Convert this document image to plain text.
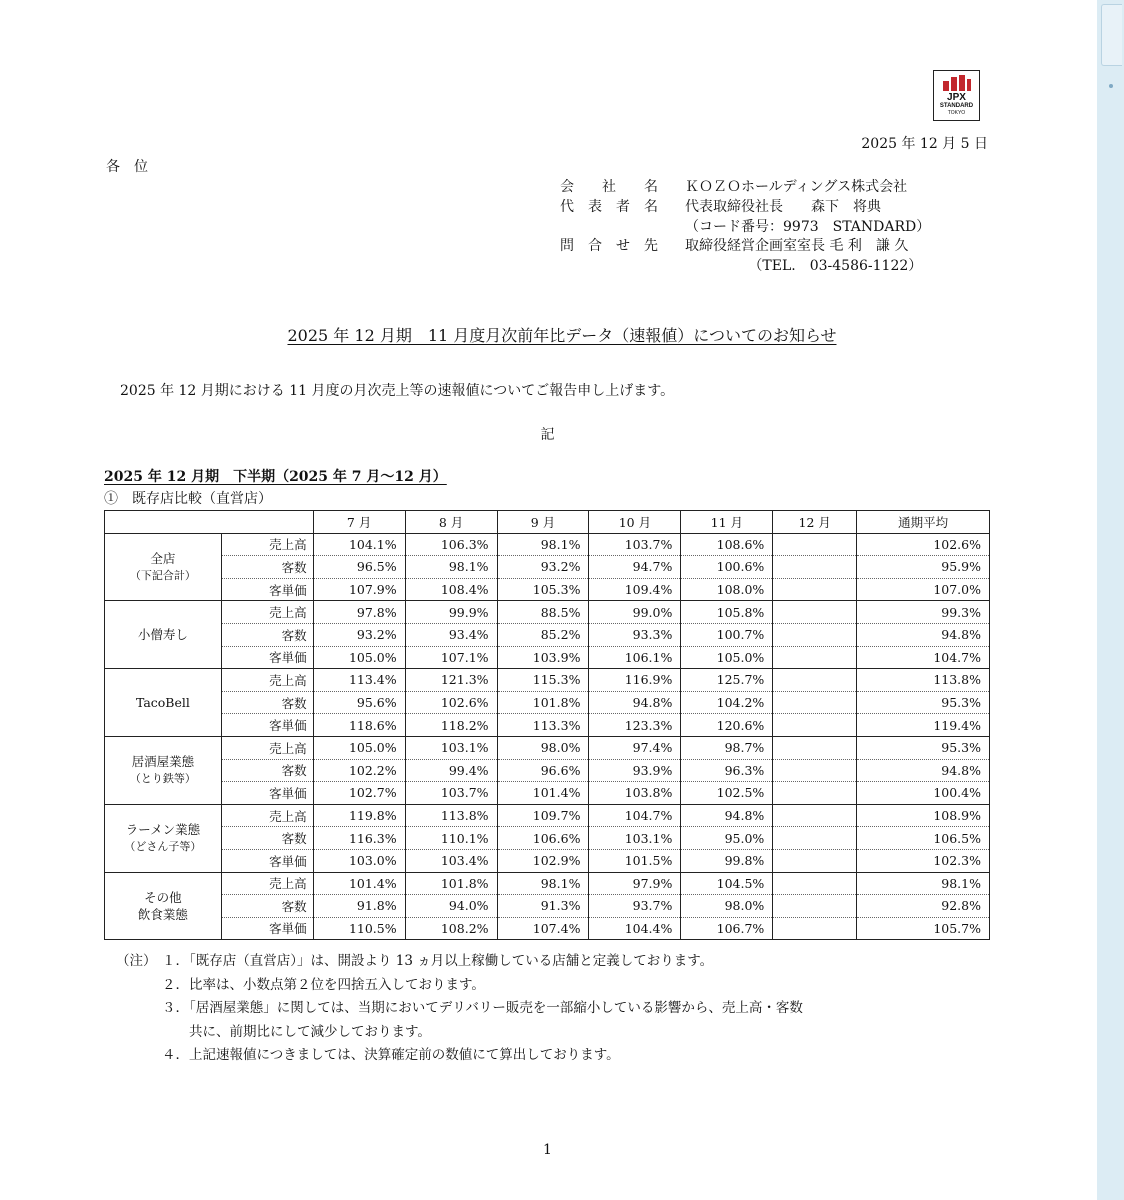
JPX
STANDARD
TOKYO
2025 年 12 月 5 日
各　位
会　　社　　名 ＫＯＺＯホールディングス株式会社
代　表　者　名 代表取締役社長　　森下　将典
（コード番号：9973　STANDARD）
問　合　せ　先 取締役経営企画室室長 毛 利　謙 久
（TEL.　03-4586-1122）
2025 年 12 月期　11 月度月次前年比データ（速報値）についてのお知らせ
2025 年 12 月期における 11 月度の月次売上等の速報値についてご報告申し上げます。
記
2025 年 12 月期　下半期（2025 年 7 月～12 月）
①　既存店比較（直営店）
		7 月	8 月	9 月	10 月	11 月	12 月	通期平均

全店
（下記合計）	売上高	104.1%	106.3%	98.1%	103.7%	108.6%		102.6%
	客数	96.5%	98.1%	93.2%	94.7%	100.6%		95.9%
	客単価	107.9%	108.4%	105.3%	109.4%	108.0%		107.0%

小僧寿し	売上高	97.8%	99.9%	88.5%	99.0%	105.8%		99.3%
	客数	93.2%	93.4%	85.2%	93.3%	100.7%		94.8%
	客単価	105.0%	107.1%	103.9%	106.1%	105.0%		104.7%

TacoBell	売上高	113.4%	121.3%	115.3%	116.9%	125.7%		113.8%
	客数	95.6%	102.6%	101.8%	94.8%	104.2%		95.3%
	客単価	118.6%	118.2%	113.3%	123.3%	120.6%		119.4%

居酒屋業態
（とり鉄等）	売上高	105.0%	103.1%	98.0%	97.4%	98.7%		95.3%
	客数	102.2%	99.4%	96.6%	93.9%	96.3%		94.8%
	客単価	102.7%	103.7%	101.4%	103.8%	102.5%		100.4%

ラーメン業態
（どさん子等）	売上高	119.8%	113.8%	109.7%	104.7%	94.8%		108.9%
	客数	116.3%	110.1%	106.6%	103.1%	95.0%		106.5%
	客単価	103.0%	103.4%	102.9%	101.5%	99.8%		102.3%

その他
飲食業態	売上高	101.4%	101.8%	98.1%	97.9%	104.5%		98.1%
	客数	91.8%	94.0%	91.3%	93.7%	98.0%		92.8%
	客単価	110.5%	108.2%	107.4%	104.4%	106.7%		105.7%
（注） １．「既存店（直営店）」は、開設より 13 ヵ月以上稼働している店舗と定義しております。
２．比率は、小数点第２位を四捨五入しております。
３．「居酒屋業態」に関しては、当期においてデリバリー販売を一部縮小している影響から、売上高・客数
　　共に、前期比にして減少しております。
４．上記速報値につきましては、決算確定前の数値にて算出しております。
1
